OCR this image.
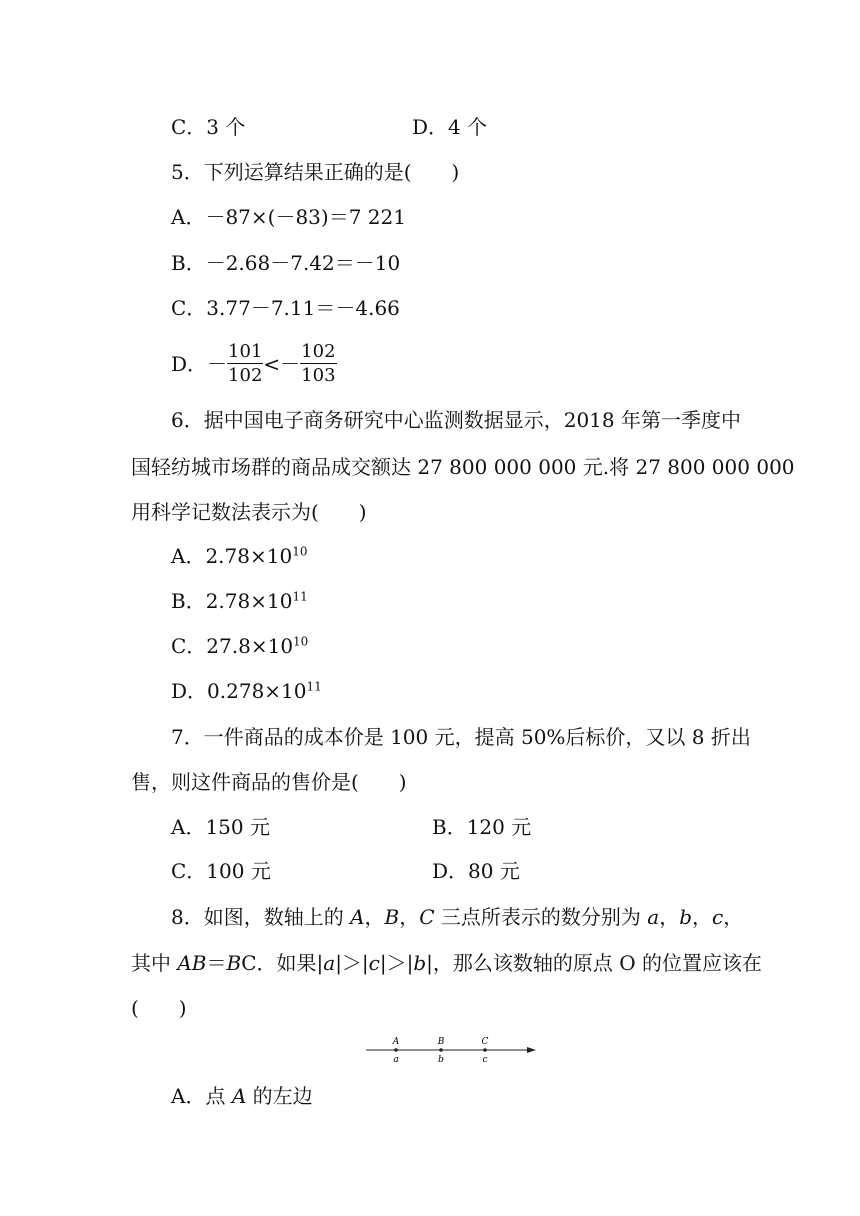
C．3 个	D．4 个
5．下列运算结果正确的是(　　)
A．－87×(－83)＝7 221
B．－2.68－7.42＝－10
C．3.77－7.11＝－4.66
D．－ $\frac{101}{102} <- \frac{102}{103}$
6．据中国电子商务研究中心监测数据显示，2018 年第一季度中
国轻纺城市场群的商品成交额达 27 800 000 000 元.将 27 800 000 000
用科学记数法表示为(　　)
A．$2.78\times 10^{10}$
B．$2.78\times 10^{11}$
C．$27.8\times 10^{10}$
D．$0.278\times 10^{11}$
7．一件商品的成本价是 100 元，提高 50%后标价，又以 8 折出
售，则这件商品的售价是(　　)
A．150 元	B．120 元
C．100 元	D．80 元
8．如图，数轴上的 A，B，C 三点所表示的数分别为 a，b，c，
其中 AB＝BC．如果|a|＞|c|＞|b|，那么该数轴的原点 O 的位置应该在
(　　)
A	B	C
a	b	c
A．点 A 的左边
